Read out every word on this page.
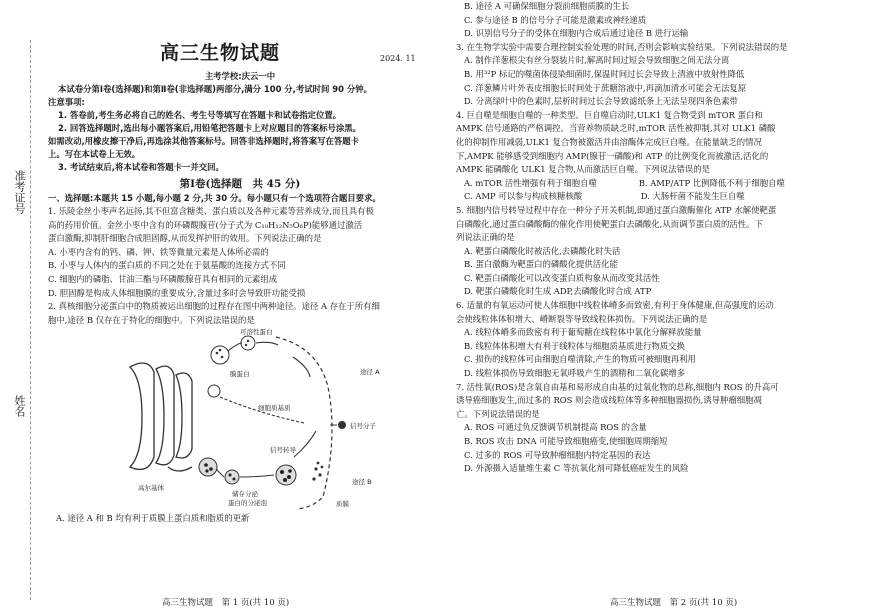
准考证号
姓名
高三生物试题	2024. 11
主考学校:庆云一中
本试卷分第Ⅰ卷(选择题)和第Ⅱ卷(非选择题)两部分,满分 100 分,考试时间 90 分钟。
注意事项:
1. 答卷前,考生务必将自己的姓名、考生号等填写在答题卡和试卷指定位置。
2. 回答选择题时,选出每小题答案后,用铅笔把答题卡上对应题目的答案标号涂黑。
如需改动,用橡皮擦干净后,再选涂其他答案标号。回答非选择题时,将答案写在答题卡
上。写在本试卷上无效。
3. 考试结束后,将本试卷和答题卡一并交回。
第Ⅰ卷(选择题　共 45 分)
一、选择题:本题共 15 小题,每小题 2 分,共 30 分。每小题只有一个选项符合题目要求。
1. 乐陵金丝小枣声名远扬,其不但富含糖类、蛋白质以及各种元素等营养成分,而且具有极
高的药用价值。金丝小枣中含有的环磷酸腺苷(分子式为 C₁₀H₁₂N₅O₆P)能够通过激活
蛋白激酶,抑制肝细胞合成胆固醇,从而发挥护肝的效用。下列说法正确的是
A. 小枣内含有的钙、磷、钾、铁等微量元素是人体所必需的
B. 小枣与人体内的蛋白质的不同之处在于氨基酸的连接方式不同
C. 细胞内的磷脂、甘油三酯与环磷酸腺苷具有相同的元素组成
D. 胆固醇是构成人体细胞膜的重要成分,含量过多时会导致肝功能受损
2. 真核细胞分泌蛋白中的物质被运出细胞的过程存在图中两种途径。途径 A 存在于所有细
胞中,途径 B 仅存在于特化的细胞中。下列说法错误的是
可溶性蛋白
膜蛋白	途径 A
细胞质基质
信号分子
信号转导
高尔基体
储存分泌
蛋白的分泌泡
途径 B
质膜
A. 途径 A 和 B 均有利于质膜上蛋白质和脂质的更新
高三生物试题　第 1 页(共 10 页)
B. 途径 A 可确保细胞分裂前细胞质膜的生长
C. 参与途径 B 的信号分子可能是激素或神经递质
D. 识别信号分子的受体在细胞内合成后通过途径 B 进行运输
3. 在生物学实验中需要合理控制实验处理的时间,否则会影响实验结果。下列说法错误的是
A. 制作洋葱根尖有丝分裂装片时,解离时间过短会导致细胞之间无法分离
B. 用³²P 标记的噬菌体侵染细菌时,保温时间过长会导致上清液中放射性降低
C. 洋葱鳞片叶外表皮细胞长时间处于蔗糖溶液中,再滴加清水可能会无法复原
D. 分离绿叶中的色素时,层析时间过长会导致滤纸条上无法呈现四条色素带
4. 巨自噬是细胞自噬的一种类型。巨自噬启动时,ULK1 复合物受到 mTOR 蛋白和
AMPK 信号通路的严格调控。当营养物质缺乏时,mTOR 活性被抑制,其对 ULK1 磷酸
化的抑制作用减弱,ULK1 复合物被激活并由溶酶体完成巨自噬。在能量缺乏的情况
下,AMPK 能够感受到细胞内 AMP(腺苷一磷酸)和 ATP 的比例变化而被激活,活化的
AMPK 能磷酸化 ULK1 复合物,从而激活巨自噬。下列说法错误的是
A. mTOR 活性增强有利于细胞自噬　　　　　B. AMP/ATP 比例降低不利于细胞自噬
C. AMP 可以参与构成核糖核酸　　　　　　　D. 大肠杆菌不能发生巨自噬
5. 细胞内信号转导过程中存在一种分子开关机制,即通过蛋白激酶催化 ATP 水解使靶蛋
白磷酸化,通过蛋白磷酸酶的催化作用使靶蛋白去磷酸化,从而调节蛋白质的活性。下
列说法正确的是
A. 靶蛋白磷酸化时被活化,去磷酸化时失活
B. 蛋白激酶为靶蛋白的磷酸化提供活化能
C. 靶蛋白磷酸化可以改变蛋白质构象从而改变其活性
D. 靶蛋白磷酸化时生成 ADP,去磷酸化时合成 ATP
6. 适量的有氧运动可使人体细胞中线粒体嵴多而致密,有利于身体健康,但高强度的运动
会使线粒体体积增大、嵴断裂等导致线粒体损伤。下列说法正确的是
A. 线粒体嵴多而致密有利于葡萄糖在线粒体中氧化分解释放能量
B. 线粒体体积增大有利于线粒体与细胞质基质进行物质交换
C. 损伤的线粒体可由细胞自噬清除,产生的物质可被细胞再利用
D. 线粒体损伤导致细胞无氧呼吸产生的酒精和二氧化碳增多
7. 活性氧(ROS)是含氧自由基和易形成自由基的过氧化物的总称,细胞内 ROS 的升高可
诱导癌细胞发生,而过多的 ROS 则会造成线粒体等多种细胞器损伤,诱导肿瘤细胞凋
亡。下列说法错误的是
A. ROS 可通过负反馈调节机制提高 ROS 的含量
B. ROS 攻击 DNA 可能导致细胞癌变,使细胞周期缩短
C. 过多的 ROS 可导致肿瘤细胞内特定基因的表达
D. 外源摄入适量维生素 C 等抗氧化剂可降低癌症发生的风险
高三生物试题　第 2 页(共 10 页)
